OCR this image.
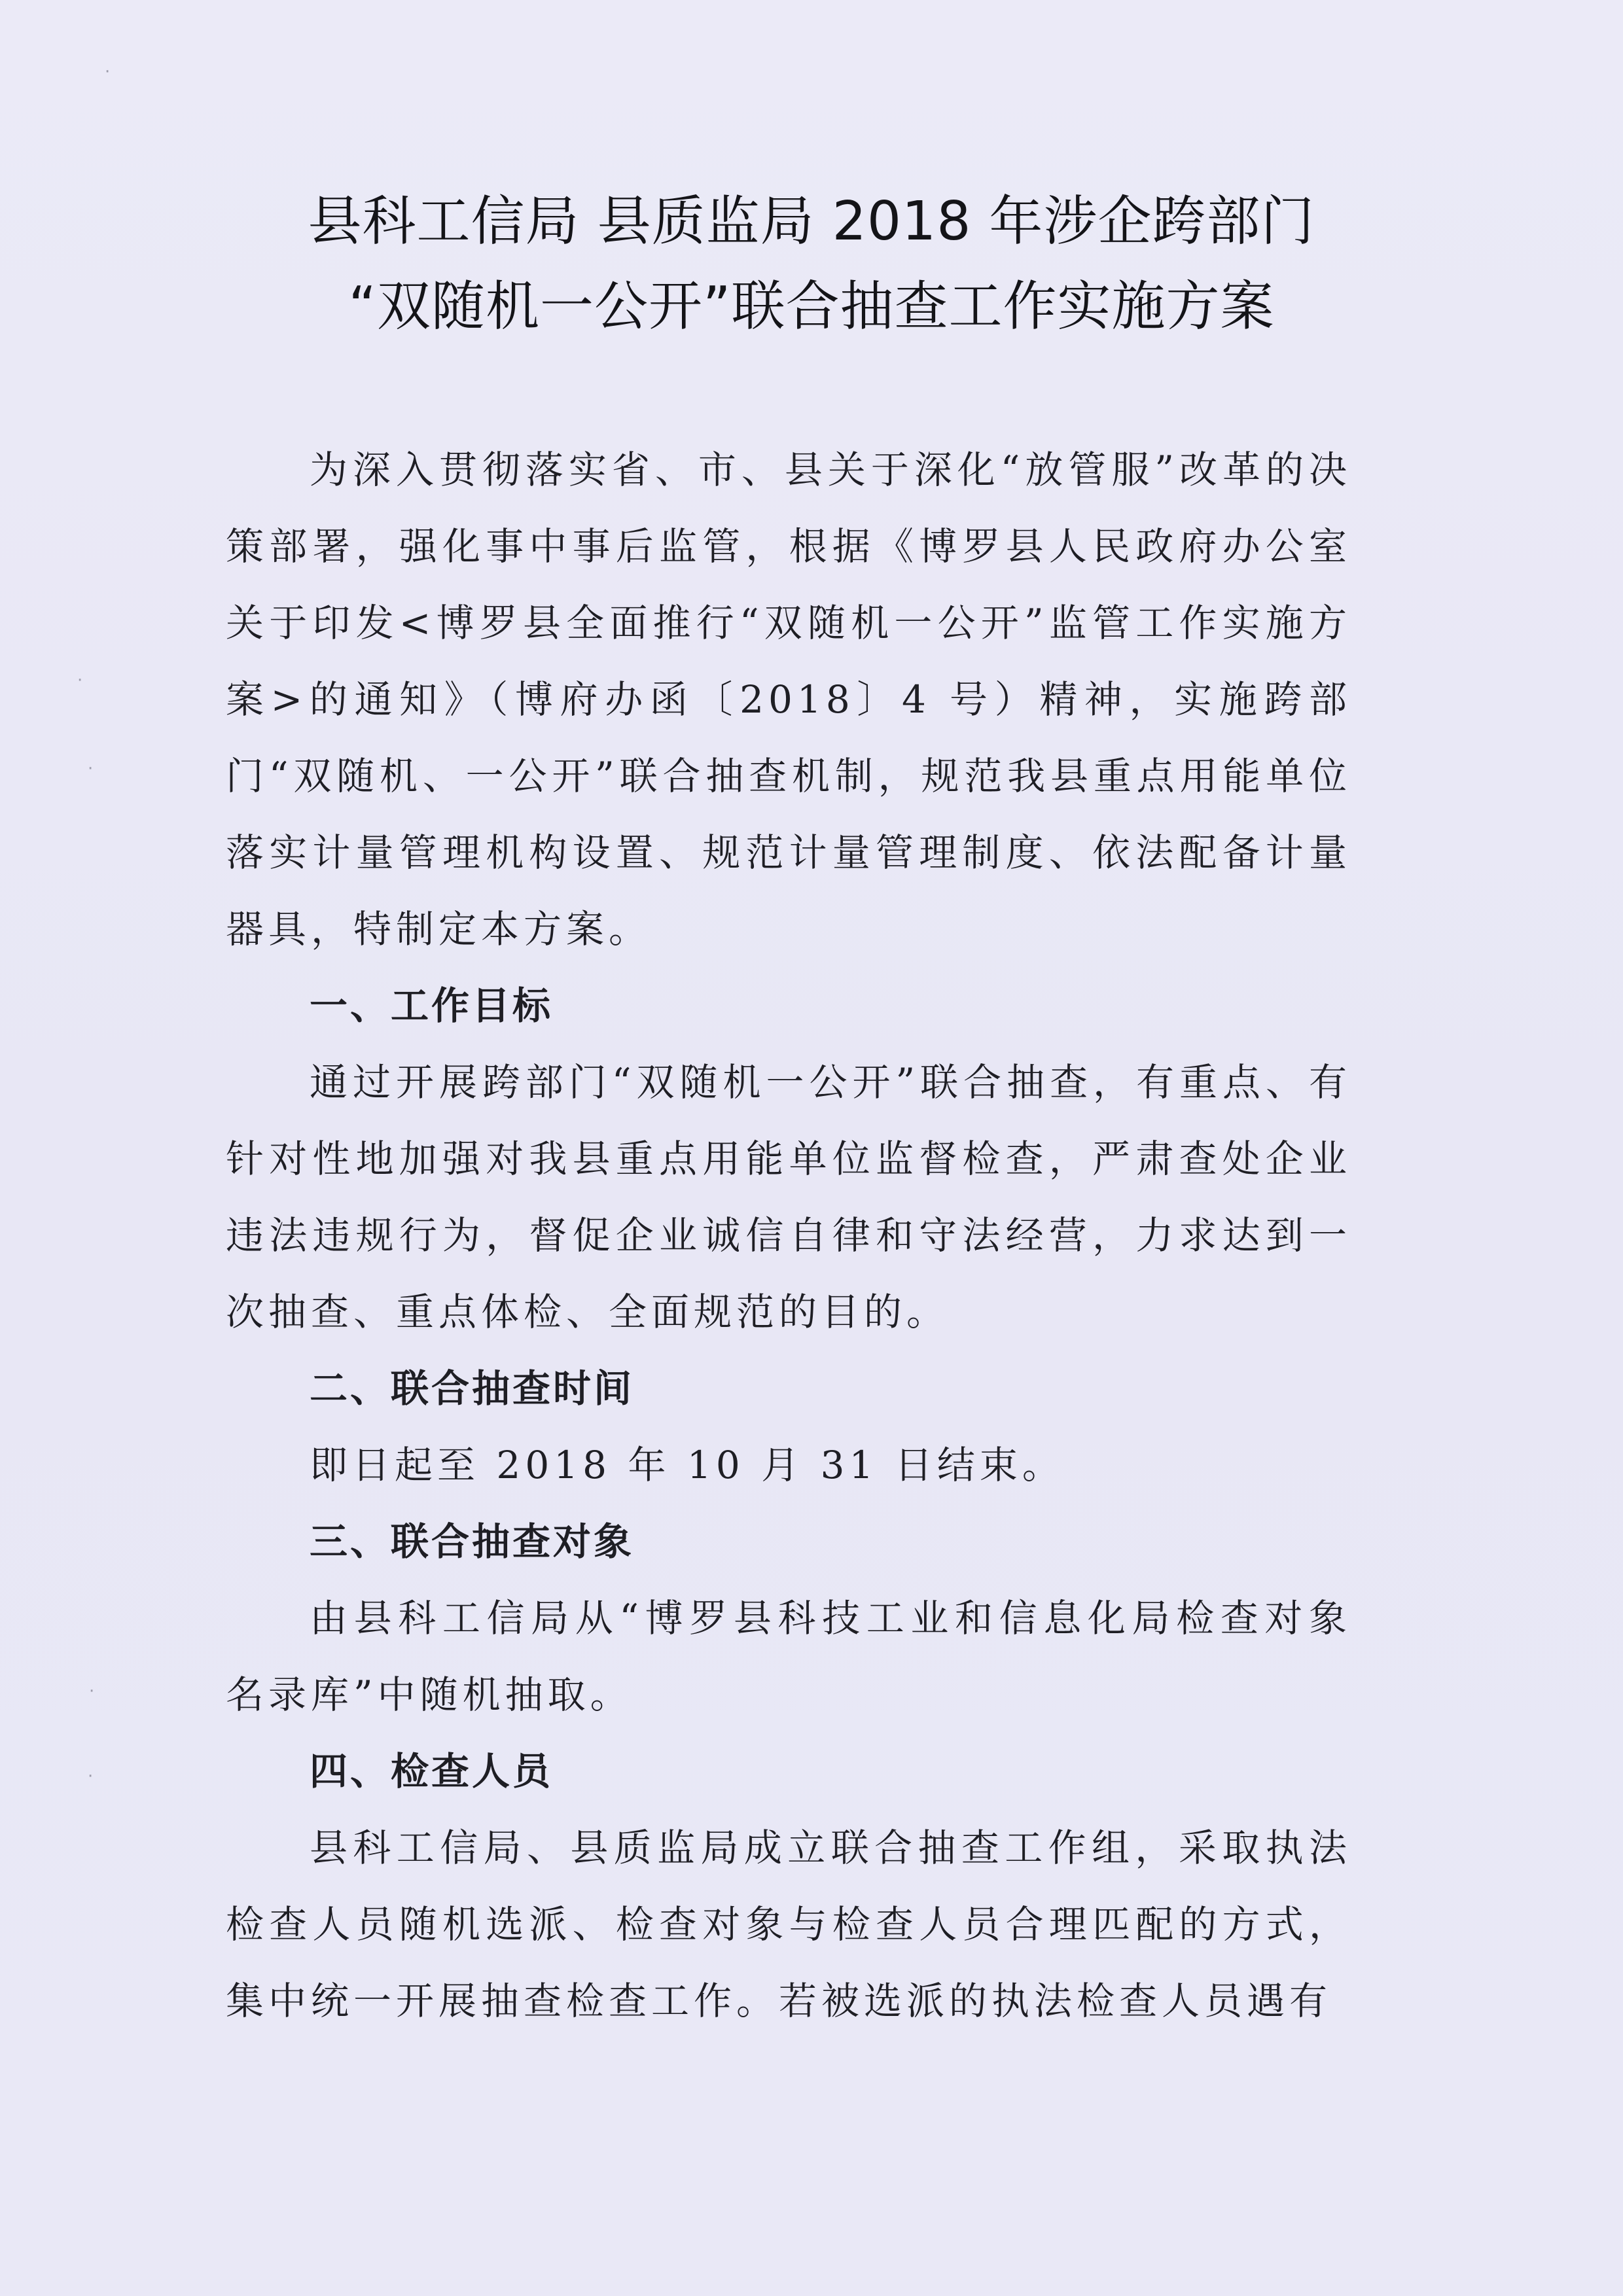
·
·
·
·
·
县科工信局 县质监局 2018 年涉企跨部门
“双随机一公开”联合抽查工作实施方案

为深入贯彻落实省、市、县关于深化“放管服”改革的决策部署，强化事中事后监管，根据《博罗县人民政府办公室关于印发<博罗县全面推行“双随机一公开”监管工作实施方案>的通知》（博府办函〔2018〕4 号）精神，实施跨部门“双随机、一公开”联合抽查机制，规范我县重点用能单位落实计量管理机构设置、规范计量管理制度、依法配备计量器具，特制定本方案。

一、工作目标

通过开展跨部门“双随机一公开”联合抽查，有重点、有针对性地加强对我县重点用能单位监督检查，严肃查处企业违法违规行为，督促企业诚信自律和守法经营，力求达到一次抽查、重点体检、全面规范的目的。

二、联合抽查时间

即日起至 2018 年 10 月 31 日结束。

三、联合抽查对象

由县科工信局从“博罗县科技工业和信息化局检查对象名录库”中随机抽取。

四、检查人员

县科工信局、县质监局成立联合抽查工作组，采取执法检查人员随机选派、检查对象与检查人员合理匹配的方式，集中统一开展抽查检查工作。若被选派的执法检查人员遇有
